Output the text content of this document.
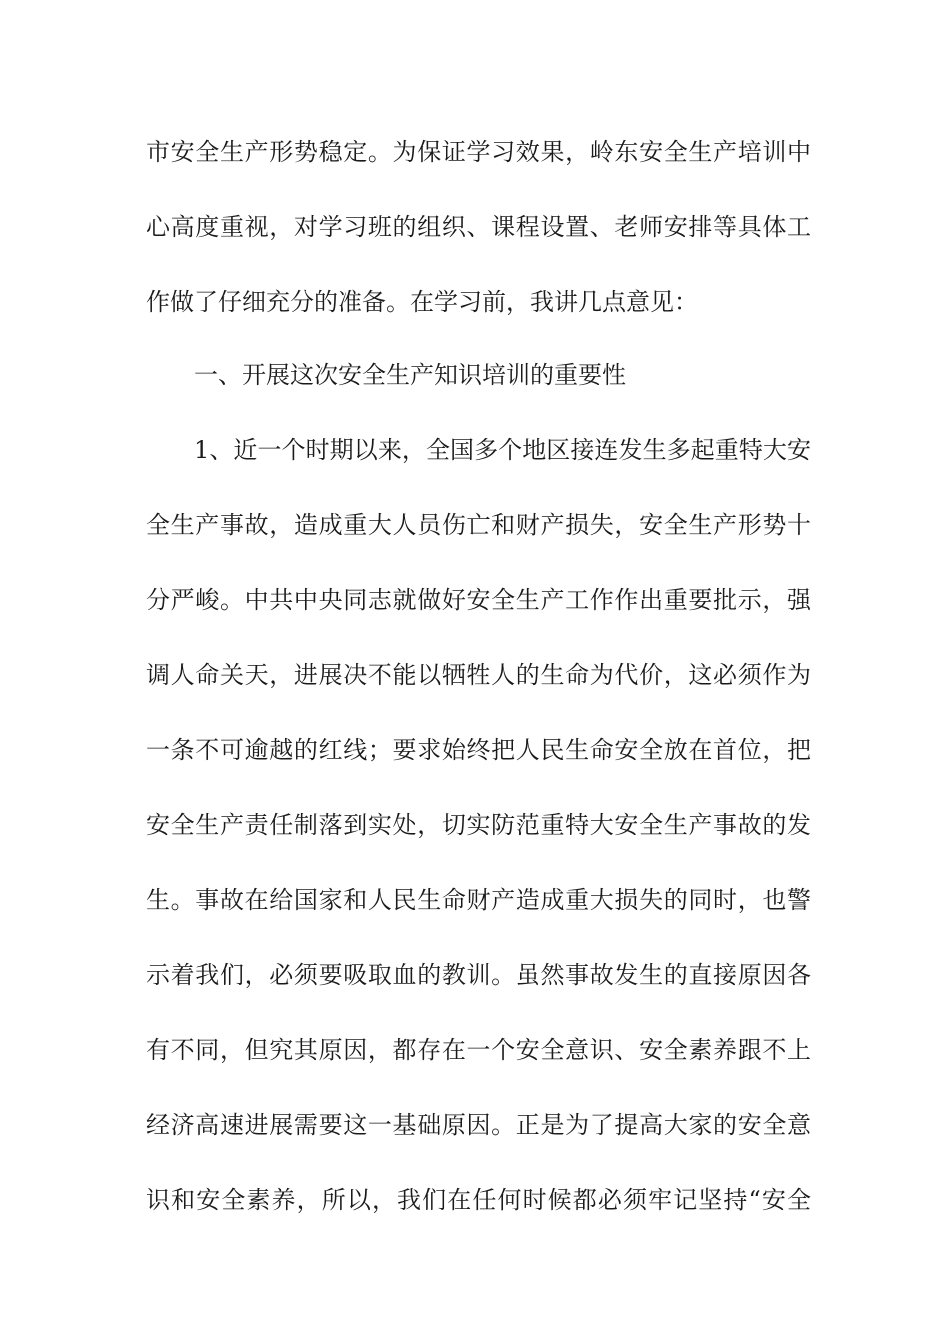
市安全生产形势稳定。为保证学习效果，岭东安全生产培训中
心高度重视，对学习班的组织、课程设置、老师安排等具体工
作做了仔细充分的准备。在学习前，我讲几点意见：
一、开展这次安全生产知识培训的重要性
1、近一个时期以来，全国多个地区接连发生多起重特大安
全生产事故，造成重大人员伤亡和财产损失，安全生产形势十
分严峻。中共中央同志就做好安全生产工作作出重要批示，强
调人命关天，进展决不能以牺牲人的生命为代价，这必须作为
一条不可逾越的红线；要求始终把人民生命安全放在首位，把
安全生产责任制落到实处，切实防范重特大安全生产事故的发
生。事故在给国家和人民生命财产造成重大损失的同时，也警
示着我们，必须要吸取血的教训。虽然事故发生的直接原因各
有不同，但究其原因，都存在一个安全意识、安全素养跟不上
经济高速进展需要这一基础原因。正是为了提高大家的安全意
识和安全素养，所以，我们在任何时候都必须牢记坚持“安全
